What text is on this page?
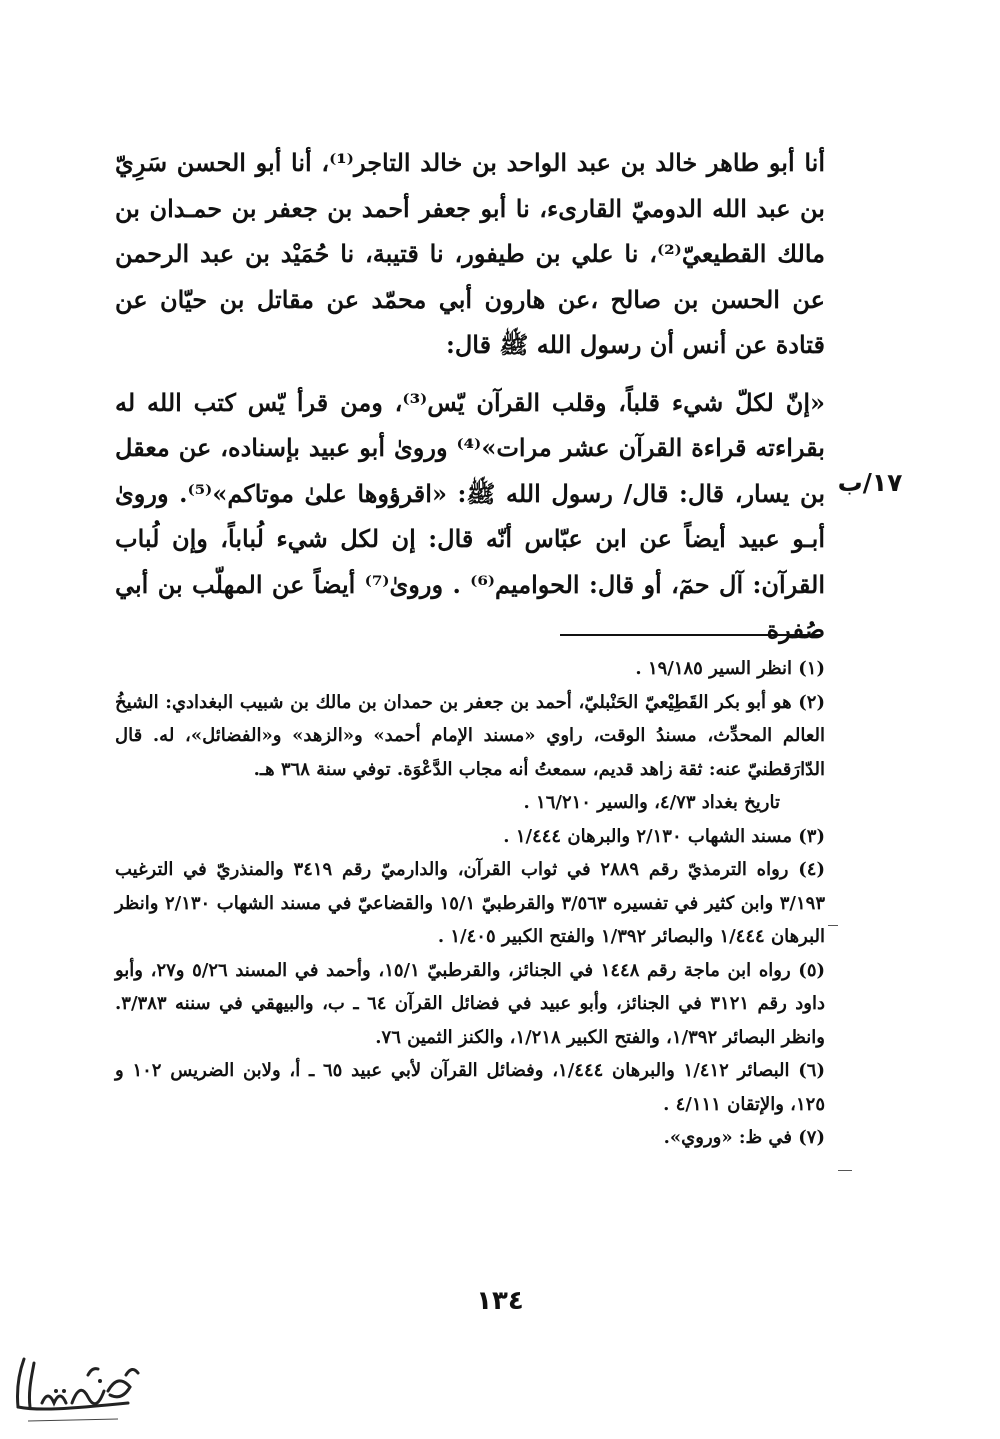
أنا أبو طاهر خالد بن عبد الواحد بن خالد التاجر⁽¹⁾، أنا أبو الحسن سَرِيّ بن عبد الله الدوميّ القارىء، نا أبو جعفر أحمد بن جعفر بن حمـدان بن مالك القطيعيّ⁽²⁾، نا علي بن طيفور، نا قتيبة، نا حُمَيْد بن عبد الرحمن عن الحسن بن صالح ،عن هارون أبي محمّد عن مقاتل بن حيّان عن قتادة عن أنس أن رسول الله ﷺ قال:

«إنّ لكلّ شيء قلباً، وقلب القرآن يّس⁽³⁾، ومن قرأ يّس كتب الله له بقراءته قراءة القرآن عشر مرات»⁽⁴⁾ وروىٰ أبو عبيد بإسناده، عن معقل بن يسار، قال: قال/ رسول الله ﷺ: «اقرؤوها علىٰ موتاكم»⁽⁵⁾. وروىٰ أبـو عبيد أيضاً عن ابن عبّاس أنّه قال: إن لكل شيء لُباباً، وإن لُباب القرآن: آل حمٓ، أو قال: الحواميم⁽⁶⁾ . وروىٰ⁽⁷⁾ أيضاً عن المهلّب بن أبي صُفرة

١٧/ب

(١) انظر السير ١٩/١٨٥ .

(٢) هو أبو بكر القَطِيْعيّ الحَنْبليّ، أحمد بن جعفر بن حمدان بن مالك بن شبيب البغدادي: الشيخُ العالم المحدِّث، مسندُ الوقت، راوي «مسند الإمام أحمد» و«الزهد» و«الفضائل»، له. قال الدّارَقطنيّ عنه: ثقة زاهد قديم، سمعتُ أنه مجاب الدَّعْوَة. توفي سنة ٣٦٨ هـ.

تاريخ بغداد ٤/٧٣، والسير ١٦/٢١٠ .

(٣) مسند الشهاب ٢/١٣٠ والبرهان ١/٤٤٤ .

(٤) رواه الترمذيّ رقم ٢٨٨٩ في ثواب القرآن، والدارميّ رقم ٣٤١٩ والمنذريّ في الترغيب ٣/١٩٣ وابن كثير في تفسيره ٣/٥٦٣ والقرطبيّ ١٥/١ والقضاعيّ في مسند الشهاب ٢/١٣٠ وانظر البرهان ١/٤٤٤ والبصائر ١/٣٩٢ والفتح الكبير ١/٤٠٥ .

(٥) رواه ابن ماجة رقم ١٤٤٨ في الجنائز، والقرطبيّ ١٥/١، وأحمد في المسند ٥/٢٦ و٢٧، وأبو داود رقم ٣١٢١ في الجنائز، وأبو عبيد في فضائل القرآن ٦٤ ـ ب، والبيهقي في سننه ٣/٣٨٣. وانظر البصائر ١/٣٩٢، والفتح الكبير ١/٢١٨، والكنز الثمين ٧٦.

(٦) البصائر ١/٤١٢ والبرهان ١/٤٤٤، وفضائل القرآن لأبي عبيد ٦٥ ـ أ، ولابن الضريس ١٠٢ و ١٢٥، والإتقان ٤/١١١ .

(٧) في ظ: «وروي».

١٣٤
